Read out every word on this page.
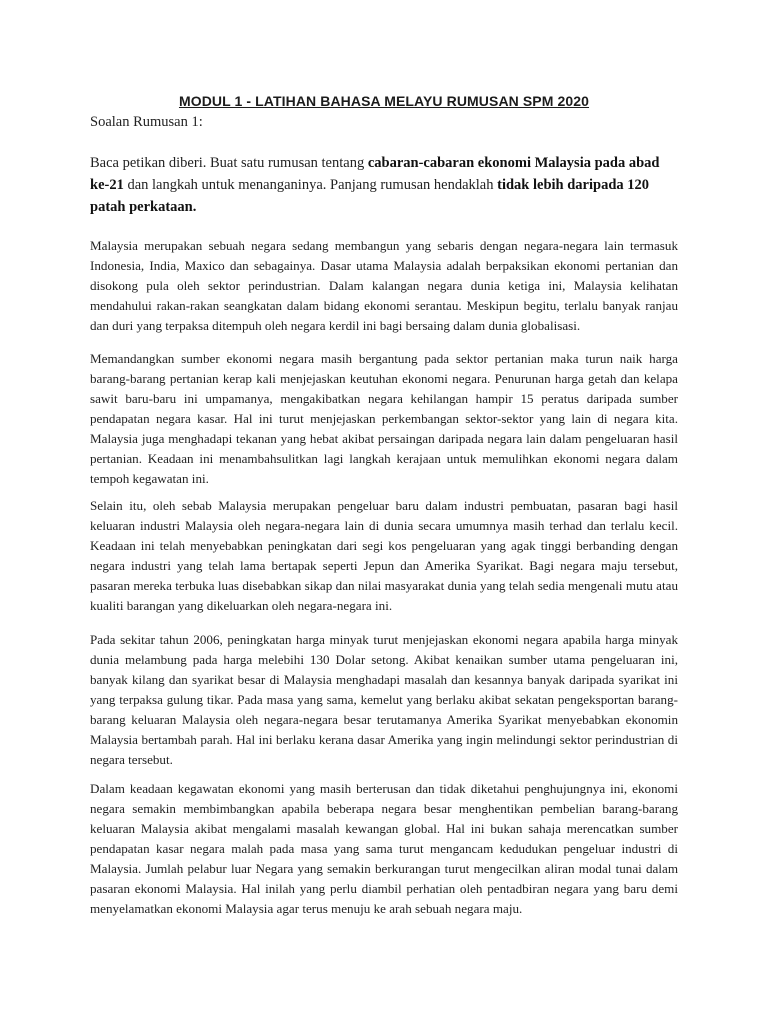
MODUL 1 - LATIHAN BAHASA MELAYU RUMUSAN SPM 2020

Soalan Rumusan 1:

Baca petikan diberi. Buat satu rumusan tentang cabaran-cabaran ekonomi Malaysia pada abad ke-21 dan langkah untuk menanganinya. Panjang rumusan hendaklah tidak lebih daripada 120 patah perkataan.

Malaysia merupakan sebuah negara sedang membangun yang sebaris dengan negara-negara lain termasuk Indonesia, India, Maxico dan sebagainya. Dasar utama Malaysia adalah berpaksikan ekonomi pertanian dan disokong pula oleh sektor perindustrian. Dalam kalangan negara dunia ketiga ini, Malaysia kelihatan mendahului rakan-rakan seangkatan dalam bidang ekonomi serantau. Meskipun begitu, terlalu banyak ranjau dan duri yang terpaksa ditempuh oleh negara kerdil ini bagi bersaing dalam dunia globalisasi.

Memandangkan sumber ekonomi negara masih bergantung pada sektor pertanian maka turun naik harga barang-barang pertanian kerap kali menjejaskan keutuhan ekonomi negara. Penurunan harga getah dan kelapa sawit baru-baru ini umpamanya, mengakibatkan negara kehilangan hampir 15 peratus daripada sumber pendapatan negara kasar. Hal ini turut menjejaskan perkembangan sektor-sektor yang lain di negara kita. Malaysia juga menghadapi tekanan yang hebat akibat persaingan daripada negara lain dalam pengeluaran hasil pertanian. Keadaan ini menambahsulitkan lagi langkah kerajaan untuk memulihkan ekonomi negara dalam tempoh kegawatan ini.

Selain itu, oleh sebab Malaysia merupakan pengeluar baru dalam industri pembuatan, pasaran bagi hasil keluaran industri Malaysia oleh negara-negara lain di dunia secara umumnya masih terhad dan terlalu kecil. Keadaan ini telah menyebabkan peningkatan dari segi kos pengeluaran yang agak tinggi berbanding dengan negara industri yang telah lama bertapak seperti Jepun dan Amerika Syarikat. Bagi negara maju tersebut, pasaran mereka terbuka luas disebabkan sikap dan nilai masyarakat dunia yang telah sedia mengenali mutu atau kualiti barangan yang dikeluarkan oleh negara-negara ini.

Pada sekitar tahun 2006, peningkatan harga minyak turut menjejaskan ekonomi negara apabila harga minyak dunia melambung pada harga melebihi 130 Dolar setong. Akibat kenaikan sumber utama pengeluaran ini, banyak kilang dan syarikat besar di Malaysia menghadapi masalah dan kesannya banyak daripada syarikat ini yang terpaksa gulung tikar. Pada masa yang sama, kemelut yang berlaku akibat sekatan pengeksportan barang-barang keluaran Malaysia oleh negara-negara besar terutamanya Amerika Syarikat menyebabkan ekonomin Malaysia bertambah parah. Hal ini berlaku kerana dasar Amerika yang ingin melindungi sektor perindustrian di negara tersebut.

Dalam keadaan kegawatan ekonomi yang masih berterusan dan tidak diketahui penghujungnya ini, ekonomi negara semakin membimbangkan apabila beberapa negara besar menghentikan pembelian barang-barang keluaran Malaysia akibat mengalami masalah kewangan global. Hal ini bukan sahaja merencatkan sumber pendapatan kasar negara malah pada masa yang sama turut mengancam kedudukan pengeluar industri di Malaysia. Jumlah pelabur luar Negara yang semakin berkurangan turut mengecilkan aliran modal tunai dalam pasaran ekonomi Malaysia. Hal inilah yang perlu diambil perhatian oleh pentadbiran negara yang baru demi menyelamatkan ekonomi Malaysia agar terus menuju ke arah sebuah negara maju.
